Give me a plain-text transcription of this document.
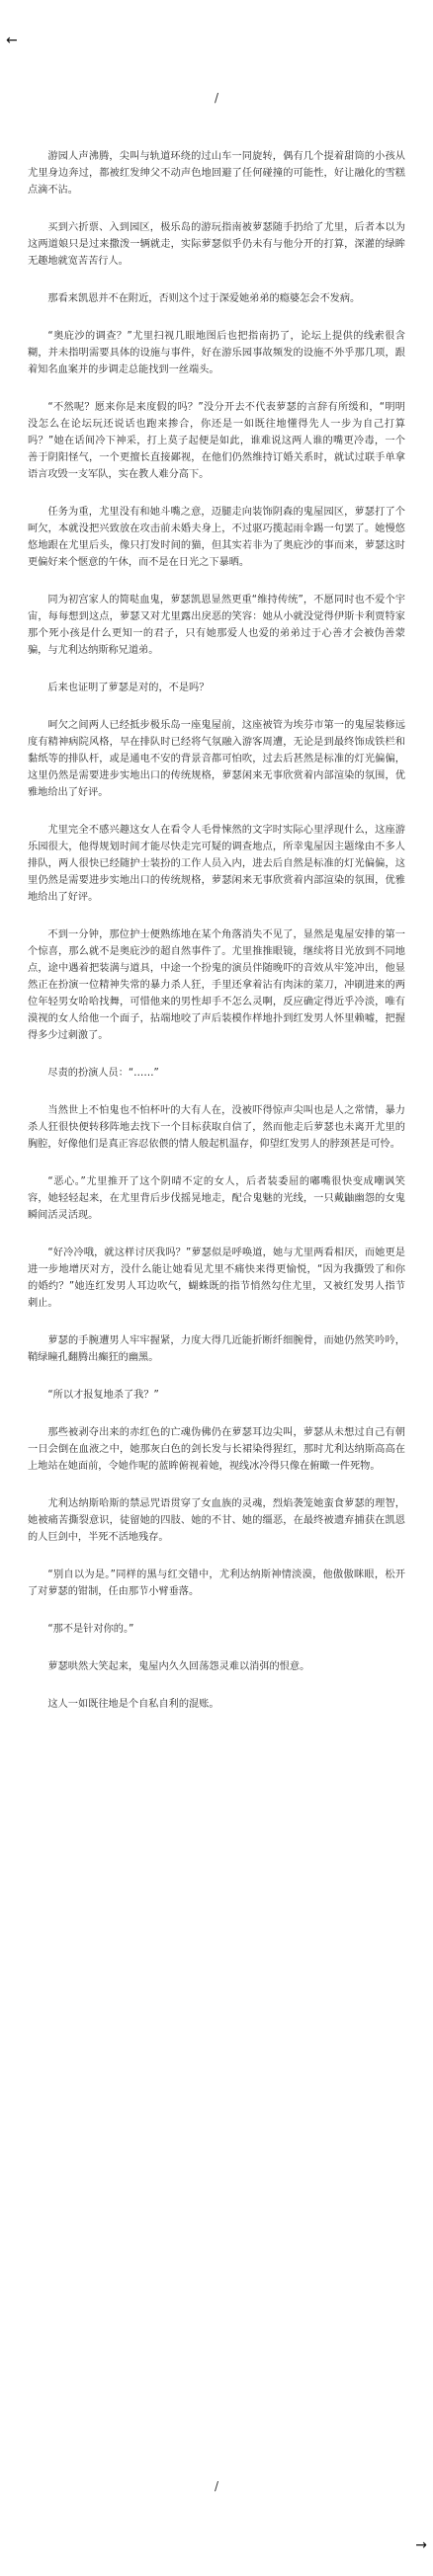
←
/

游园人声沸腾，尖叫与轨道环绕的过山车一同旋转，偶有几个提着甜筒的小孩从尤里身边奔过，都被红发绅父不动声色地回避了任何碰撞的可能性，好让融化的雪糕点滴不沾。

买到六折票、入到园区，极乐岛的游玩指南被萝瑟随手扔给了尤里，后者本以为这两道娘只是过来撒泼一辆就走，实际萝瑟似乎仍未有与他分开的打算，深灌的绿眸无趣地就宽苦苦行人。

那看来凯恩并不在附近，否则这个过于深爱她弟弟的瘾婆怎会不发病。

“奥庇沙的调查？”尤里扫视几眼地图后也把指南扔了，论坛上提供的线索很含糊，并未指明需要具体的设施与事件，好在游乐园事故频发的设施不外乎那几项，跟着知名血案并的步调走总能找到一丝端头。

“不然呢？愿来你是来度假的吗？”没分开去不代表萝瑟的言辞有所缓和，“明明没怎么在论坛玩还说话也跑来掺合，你还是一如既往地懂得先人一步为自己打算吗？”她在话间冷下神采，打上莫子起便是如此，谁难说这两人谁的嘴更冷毒，一个善于阴阳怪气，一个更擅长直接鄙视，在他们仍然维持订婚关系时，就试过联手单拿语言攻毁一支军队，实在教人难分高下。

任务为重，尤里没有和她斗嘴之意，迈腿走向装饰阴森的鬼屋园区，萝瑟打了个呵欠，本就没把兴致放在攻击前未婚夫身上，不过驱巧揽起雨伞踢一句罢了。她慢悠悠地跟在尤里后头，像只打发时间的猫，但其实若非为了奥庇沙的事而来，萝瑟这时更偏好来个惬意的午休，而不是在日光之下暴晒。

同为初宫家人的简哒血鬼，萝瑟凯恩显然更重“维持传统”，不愿同时也不爱个宇宙，每每想到这点，萝瑟又对尤里露出戾恶的笑容：她从小就没觉得伊斯卡利贾特家那个死小孩是什么更知一的君子，只有她那爱人也爱的弟弟过于心善才会被伪善蒙骗，与尤利达纳斯称兄道弟。

后来也证明了萝瑟是对的，不是吗？

呵欠之间两人已经抵步极乐岛一座鬼屋前，这座被管为埃芬市第一的鬼屋装修远度有精神病院风格，早在排队时已经将气氛融入游客周遭，无论是到最终饰成铁栏和黏纸等的排队杆，或是通电不安的背景音都可怕吹，过去后甚然是标准的灯光偏偏，这里仍然是需要进步实地出口的传统规格，萝瑟闲来无事欣赏着内部渲染的氛围，优雅地给出了好评。

尤里完全不感兴趣这女人在看令人毛骨悚然的文字时实际心里浮现什么，这座游乐园很大，他得规划时间才能尽快走完可疑的调查地点，所幸鬼屋因主题缘由不多人排队，两人很快已经随护士装扮的工作人员入内，进去后自然是标准的灯光偏偏，这里仍然是需要进步实地出口的传统规格，萝瑟闲来无事欣赏着内部渲染的氛围，优雅地给出了好评。

不到一分钟，那位护士便熟练地在某个角落消失不见了，显然是鬼屋安排的第一个惊喜，那么就不是奥庇沙的超自然事件了。尤里推推眼镜，继续将目光放到不同地点，途中遇着把装满与道具，中途一个扮鬼的演员伴随晚吓的音效从牢笼冲出，他显然正在扮演一位精神失常的暴力杀人狂，手里还拿着沾有肉沫的菜刀，冲刷进来的两位年轻男女哈哈找舞，可惜他来的男性却手不怎么灵啊，反应确定得近乎冷淡，唯有漠视的女人给他一个面子，拈端地咬了声后装模作样地扑到红发男人怀里赖嘘，把握得多少过刺激了。

尽责的扮演人员：“……”

当然世上不怕鬼也不怕杯叶的大有人在，没被吓得惊声尖叫也是人之常情，暴力杀人狂很快便转移阵地去找下一个目标获取自信了，然而他走后萝瑟也未离开尤里的胸腔，好像他们是真正容忍依偎的情人般起机温存，仰望红发男人的脖颈甚是可怜。

“恶心。”尤里推开了这个阴晴不定的女人，后者装委屈的嘟嘴很快变成嘲讽笑容，她轻轻起来，在尤里背后步伐摇晃地走，配合鬼魅的光线，一只戴鼬幽怨的女鬼瞬间活灵活现。

“好冷冷哦，就这样讨厌我吗？”萝瑟似是呼唤道，她与尤里两看相厌，而她更是进一步地增厌对方，没什么能让她看见尤里不痛快来得更愉悦，“因为我撕毁了和你的婚约？”她连红发男人耳边吹气，蝴蛛既的指节悄然勾住尤里，又被红发男人指节刺止。

萝瑟的手腕遭男人牢牢握紧，力度大得几近能折断纤细腕骨，而她仍然笑吟吟，鞘绿瞳孔翻腾出癫狂的幽黑。

“所以才报复地杀了我？”

那些被剥夺出来的赤红色的亡魂伪佛仍在萝瑟耳边尖叫，萝瑟从未想过自己有朝一日会倒在血液之中，她那灰白色的剑长发与长裙染得猩红，那时尤利达纳斯高高在上地站在她面前，令她作呢的蓝眸俯视着她，视线冰冷得只像在俯瞰一件死物。

尤利达纳斯哈斯的禁忌咒语贯穿了女血族的灵魂，烈焰袭笼她蛮食萝瑟的理智，她被痛苦撕裂意识，徒留她的四肢、她的不甘、她的缰恶，在最终被遗弃捕获在凯恩的人巨剑中，半死不活地残存。

“别自以为是。”同样的黑与红交错中，尤利达纳斯神情淡漠，他傲傲眯眼，松开了对萝瑟的钳制，任由那节小臂垂落。

“那不是针对你的。”

萝瑟哄然大笑起来，鬼屋内久久回荡怨灵难以消弭的恨意。

这人一如既往地是个自私自利的混账。

/
→
